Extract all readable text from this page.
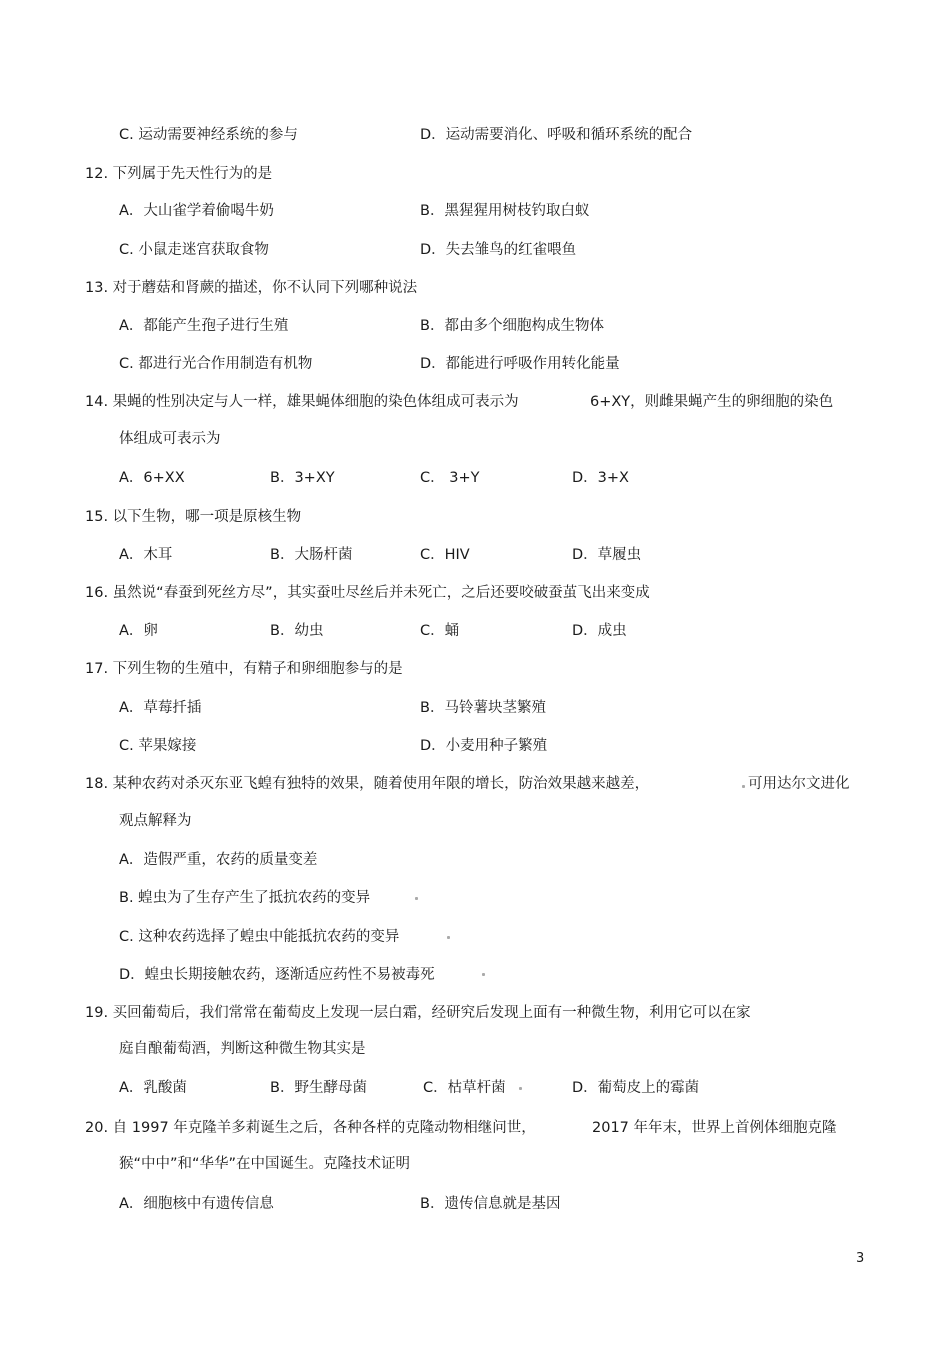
C. 运动需要神经系统的参与	D．运动需要消化、呼吸和循环系统的配合
12. 下列属于先天性行为的是
A．大山雀学着偷喝牛奶	B．黑猩猩用树枝钓取白蚁
C. 小鼠走迷宫获取食物	D．失去雏鸟的红雀喂鱼
13. 对于蘑菇和肾蕨的描述，你不认同下列哪种说法
A．都能产生孢子进行生殖	B．都由多个细胞构成生物体
C. 都进行光合作用制造有机物	D．都能进行呼吸作用转化能量
14. 果蝇的性别决定与人一样，雄果蝇体细胞的染色体组成可表示为	6+XY，则雌果蝇产生的卵细胞的染色
体组成可表示为
A．6+XX	B．3+XY	C． 3+Y	D．3+X
15. 以下生物，哪一项是原核生物
A．木耳	B．大肠杆菌	C．HIV	D．草履虫
16. 虽然说“春蚕到死丝方尽”，其实蚕吐尽丝后并未死亡，之后还要咬破蚕茧飞出来变成
A．卵	B．幼虫	C．蛹	D．成虫
17. 下列生物的生殖中，有精子和卵细胞参与的是
A．草莓扦插	B．马铃薯块茎繁殖
C. 苹果嫁接	D．小麦用种子繁殖
18. 某种农药对杀灭东亚飞蝗有独特的效果，随着使用年限的增长，防治效果越来越差，	可用达尔文进化
观点解释为
A．造假严重，农药的质量变差
B. 蝗虫为了生存产生了抵抗农药的变异
C. 这种农药选择了蝗虫中能抵抗农药的变异
D．蝗虫长期接触农药，逐渐适应药性不易被毒死
19. 买回葡萄后，我们常常在葡萄皮上发现一层白霜，经研究后发现上面有一种微生物，利用它可以在家
庭自酿葡萄酒，判断这种微生物其实是
A．乳酸菌	B．野生酵母菌	C．枯草杆菌	D．葡萄皮上的霉菌
20. 自 1997 年克隆羊多莉诞生之后，各种各样的克隆动物相继问世，	2017 年年末，世界上首例体细胞克隆
猴“中中”和“华华”在中国诞生。克隆技术证明
A．细胞核中有遗传信息	B．遗传信息就是基因
3
